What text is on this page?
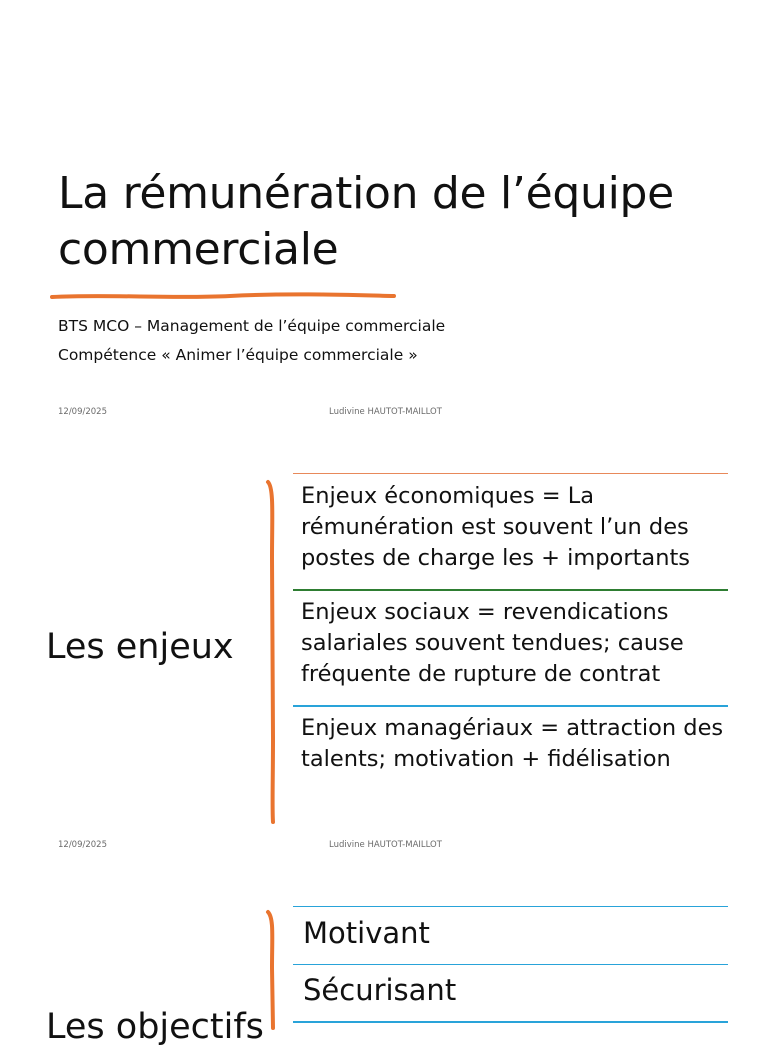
La rémunération de l’équipe commerciale
BTS MCO – Management de l’équipe commerciale
Compétence « Animer l’équipe commerciale »
12/09/2025	Ludivine HAUTOT-MAILLOT
Les enjeux
Enjeux économiques = La rémunération est souvent l’un des postes de charge les + importants
Enjeux sociaux = revendications salariales souvent tendues; cause fréquente de rupture de contrat
Enjeux managériaux = attraction des talents; motivation + fidélisation
12/09/2025	Ludivine HAUTOT-MAILLOT
Les objectifs
Motivant
Sécurisant
